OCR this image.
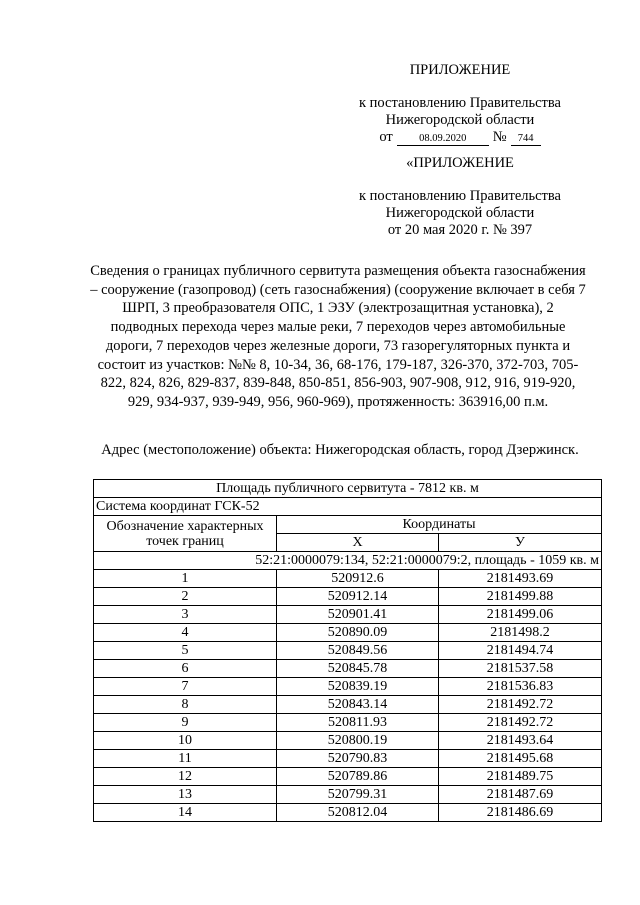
ПРИЛОЖЕНИЕ
к постановлению Правительства
Нижегородской области
от	08.09.2020	№	744
«ПРИЛОЖЕНИЕ
к постановлению Правительства
Нижегородской области
от 20 мая 2020 г. № 397
Сведения о границах публичного сервитута размещения объекта газоснабжения – сооружение (газопровод) (сеть газоснабжения) (сооружение включает в себя 7 ШРП, 3 преобразователя ОПС, 1 ЭЗУ (электрозащитная установка), 2 подводных перехода через малые реки, 7 переходов через автомобильные дороги, 7 переходов через железные дороги, 73 газорегуляторных пункта и состоит из участков: №№ 8, 10-34, 36, 68-176, 179-187, 326-370, 372-703, 705-822, 824, 826, 829-837, 839-848, 850-851, 856-903, 907-908, 912, 916, 919-920, 929, 934-937, 939-949, 956, 960-969), протяженность: 363916,00 п.м.
Адрес (местоположение) объекта: Нижегородская область, город Дзержинск.
Площадь публичного сервитута - 7812 кв. м		
Система координат ГСК-52		
Обозначение характерных точек границ	Координаты	
	X	У
52:21:0000079:134, 52:21:0000079:2, площадь - 1059 кв. м		
1	520912.6	2181493.69
2	520912.14	2181499.88
3	520901.41	2181499.06
4	520890.09	2181498.2
5	520849.56	2181494.74
6	520845.78	2181537.58
7	520839.19	2181536.83
8	520843.14	2181492.72
9	520811.93	2181492.72
10	520800.19	2181493.64
11	520790.83	2181495.68
12	520789.86	2181489.75
13	520799.31	2181487.69
14	520812.04	2181486.69
